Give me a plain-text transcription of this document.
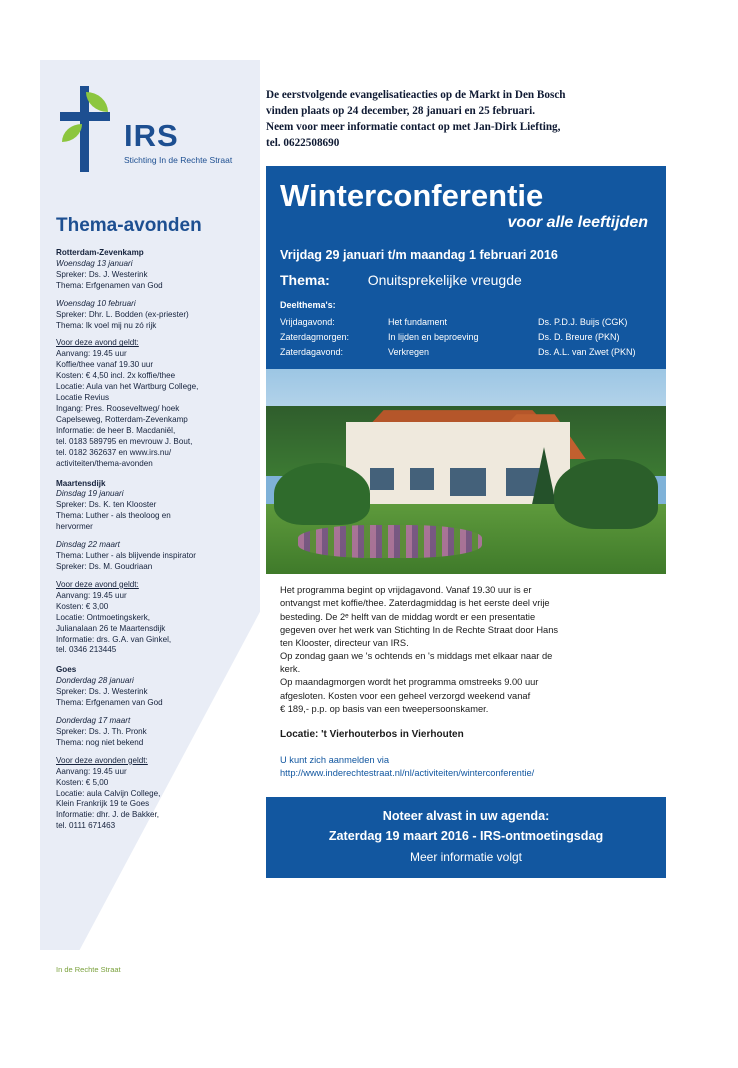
IRS
Stichting In de Rechte Straat
Thema-avonden
Rotterdam-Zevenkamp
Woensdag 13 januari
Spreker: Ds. J. Westerink
Thema: Erfgenamen van God
Woensdag 10 februari
Spreker: Dhr. L. Bodden (ex-priester)
Thema: Ik voel mij nu zó rijk
Voor deze avond geldt:
Aanvang: 19.45 uur
Koffie/thee vanaf 19.30 uur
Kosten: € 4,50 incl. 2x koffie/thee
Locatie: Aula van het Wartburg College,
Locatie Revius
Ingang: Pres. Rooseveltweg/ hoek
Capelseweg, Rotterdam-Zevenkamp
Informatie: de heer B. Macdaniël,
tel. 0183 589795 en mevrouw J. Bout,
tel. 0182 362637 en www.irs.nu/
activiteiten/thema-avonden
Maartensdijk
Dinsdag 19 januari
Spreker: Ds. K. ten Klooster
Thema: Luther - als theoloog en
hervormer
Dinsdag 22 maart
Thema: Luther - als blijvende inspirator
Spreker: Ds. M. Goudriaan
Voor deze avond geldt:
Aanvang: 19.45 uur
Kosten: € 3,00
Locatie: Ontmoetingskerk,
Julianalaan 26 te Maartensdijk
Informatie: drs. G.A. van Ginkel,
tel. 0346 213445
Goes
Donderdag 28 januari
Spreker: Ds. J. Westerink
Thema: Erfgenamen van God
Donderdag 17 maart
Spreker: Ds. J. Th. Pronk
Thema: nog niet bekend
Voor deze avonden geldt:
Aanvang: 19.45 uur
Kosten: € 5,00
Locatie: aula Calvijn College,
Klein Frankrijk 19 te Goes
Informatie: dhr. J. de Bakker,
tel. 0111 671463
In de Rechte Straat
De eerstvolgende evangelisatieacties op de Markt in Den Bosch
vinden plaats op 24 december, 28 januari en 25 februari.
Neem voor meer informatie contact op met Jan-Dirk Liefting,
tel. 0622508690
Winterconferentie
voor alle leeftijden
Vrijdag 29 januari t/m maandag 1 februari 2016
Thema:	Onuitsprekelijke vreugde
Deelthema's:
Vrijdagavond:	Het fundament	Ds. P.D.J. Buijs (CGK)
Zaterdagmorgen:	In lijden en beproeving	Ds. D. Breure (PKN)
Zaterdagavond:	Verkregen	Ds. A.L. van Zwet (PKN)
Het programma begint op vrijdagavond. Vanaf 19.30 uur is er
ontvangst met koffie/thee. Zaterdagmiddag is het eerste deel vrije
besteding. De 2ᵉ helft van de middag wordt er een presentatie
gegeven over het werk van Stichting In de Rechte Straat door Hans
ten Klooster, directeur van IRS.
Op zondag gaan we 's ochtends en 's middags met elkaar naar de
kerk.
Op maandagmorgen wordt het programma omstreeks 9.00 uur
afgesloten. Kosten voor een geheel verzorgd weekend vanaf
€ 189,- p.p. op basis van een tweepersoonskamer.

Locatie: 't Vierhouterbos in Vierhouten

U kunt zich aanmelden via
http://www.inderechtestraat.nl/nl/activiteiten/winterconferentie/

Noteer alvast in uw agenda:
Zaterdag 19 maart 2016 - IRS-ontmoetingsdag
Meer informatie volgt
